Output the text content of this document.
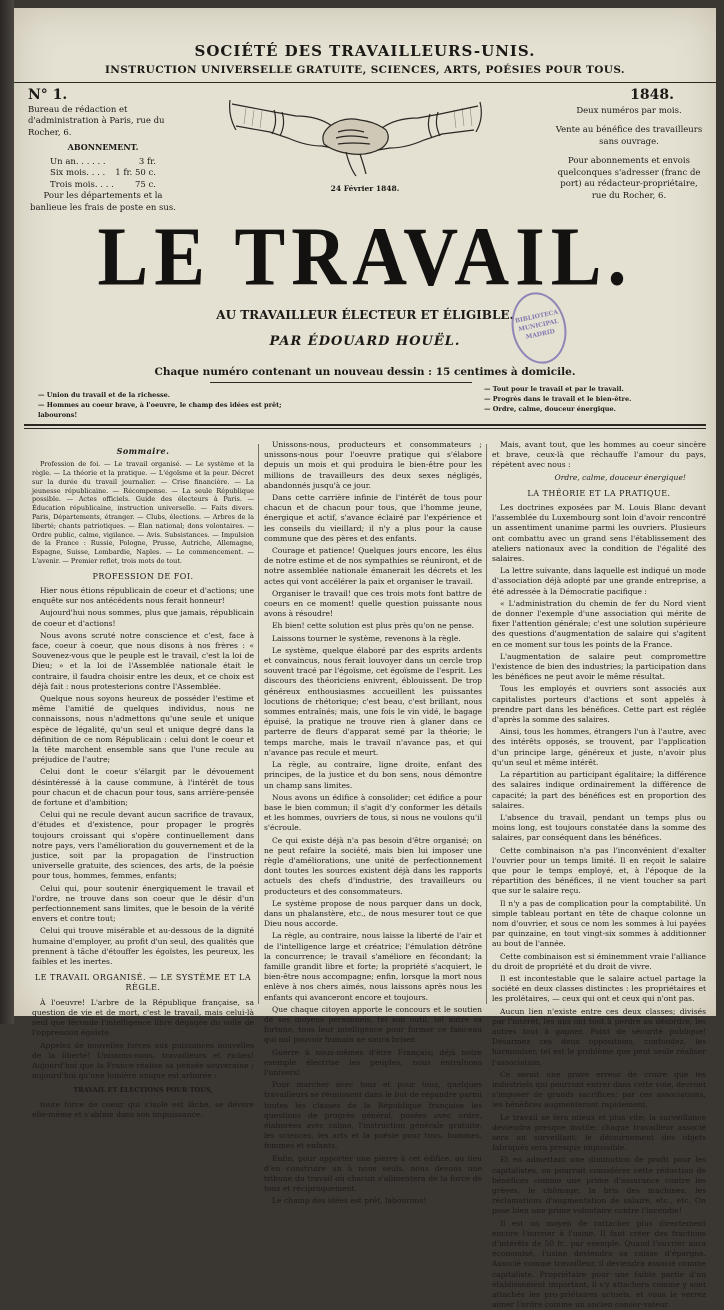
SOCIÉTÉ DES TRAVAILLEURS-UNIS.
INSTRUCTION UNIVERSELLE GRATUITE, SCIENCES, ARTS, POÉSIES POUR TOUS.
N° 1.
Bureau de rédaction et d'administration à Paris, rue du Rocher, 6.
ABONNEMENT.
Un an. . . . . .	3 fr.
Six mois. . . . 1 fr. 50 c.
Trois mois. . . . 75 c.
Pour les départements et la banlieue les frais de poste en sus.
1848.
Deux numéros par mois.
Vente au bénéfice des travailleurs sans ouvrage.
Pour abonnements et envois quelconques s'adresser (franc de port) au rédacteur-propriétaire, rue du Rocher, 6.
24 Février 1848.
LE TRAVAIL.
AU TRAVAILLEUR ÉLECTEUR ET ÉLIGIBLE.
PAR ÉDOUARD HOUËL.
Chaque numéro contenant un nouveau dessin : 15 centimes à domicile.
BIBLIOTECA MUNICIPAL MADRID
— Union du travail et de la richesse.
— Hommes au coeur brave, à l'oeuvre, le champ des idées est prêt; labourons!
— Tout pour le travail et par le travail.
— Progrès dans le travail et le bien-être.
— Ordre, calme, douceur énergique.
Sommaire.

Profession de foi. — Le travail organisé. — Le système et la règle. — La théorie et la pratique. — L'égoïsme et la peur. Décret sur la durée du travail journalier. — Crise financière. — La jeunesse républicaine. — Récompense. — La seule République possible. — Actes officiels. Guide des électeurs à Paris. — Éducation républicaine, instruction universelle. — Faits divers. Paris, Départements, étranger. — Clubs, élections. — Arbres de la liberté; chants patriotiques. — Élan national; dons volontaires. — Ordre public, calme, vigilance. — Avis. Subsistances. — Impulsion de la France : Russie, Pologne, Prusse, Autriche, Allemagne, Espagne, Suisse, Lombardie, Naples. — Le commencement. — L'avenir. — Premier reflet, trois mots de tout.

PROFESSION DE FOI.

Hier nous étions républicain de coeur et d'actions; une enquête sur nos antécédents nous ferait honneur!

Aujourd'hui nous sommes, plus que jamais, républicain de coeur et d'actions!

Nous avons scruté notre conscience et c'est, face à face, coeur à coeur, que nous disons à nos frères : « Souvenez-vous que le peuple est le travail, c'est la loi de Dieu; » et la loi de l'Assemblée nationale était le contraire, il faudra choisir entre les deux, et ce choix est déjà fait : nous protesterions contre l'Assemblée.

Quelque nous soyons heureux de posséder l'estime et même l'amitié de quelques individus, nous ne connaissons, nous n'admettons qu'une seule et unique espèce de légalité, qu'un seul et unique degré dans la définition de ce nom Républicain : celui dont le coeur et la tête marchent ensemble sans que l'une recule au préjudice de l'autre;

Celui dont le coeur s'élargit par le dévouement désintéressé à la cause commune, à l'intérêt de tous pour chacun et de chacun pour tous, sans arrière-pensée de fortune et d'ambition;

Celui qui ne recule devant aucun sacrifice de travaux, d'études et d'existence, pour propager le progrès toujours croissant qui s'opère continuellement dans notre pays, vers l'amélioration du gouvernement et de la justice, soit par la propagation de l'instruction universelle gratuite, des sciences, des arts, de la poésie pour tous, hommes, femmes, enfants;

Celui qui, pour soutenir énergiquement le travail et l'ordre, ne trouve dans son coeur que le désir d'un perfectionnement sans limites, que le besoin de la vérité envers et contre tout;

Celui qui trouve misérable et au-dessous de la dignité humaine d'employer, au profit d'un seul, des qualités que prennent à tâche d'étouffer les égoïstes, les peureux, les faibles et les inertes.

LE TRAVAIL ORGANISÉ. — LE SYSTÈME ET LA RÈGLE.

À l'oeuvre! L'arbre de la République française, sa question de vie et de mort, c'est le travail, mais celui-là seul que féconde l'intelligence libre dégagée du voile de l'oppression égoïste.

Appelez de nouvelles forces aux puissances nouvelles de la liberté! Unissons-nous, travailleurs et riches! Aujourd'hui que la France réalise sa pensée souveraine ; aujourd'hui qu'une lumière unique est arborée :

TRAVAIL ET ÉLECTIONS POUR TOUS,

toute force de coeur qui s'isole est lâche, se dévore elle-même et s'abîme dans son impuissance.

Unissons-nous, producteurs et consommateurs ; unissons-nous pour l'oeuvre pratique qui s'élabore depuis un mois et qui produira le bien-être pour les millions de travailleurs des deux sexes négligés, abandonnés jusqu'à ce jour.

Dans cette carrière infinie de l'intérêt de tous pour chacun et de chacun pour tous, que l'homme jeune, énergique et actif, s'avance éclairé par l'expérience et les conseils du vieillard; il n'y a plus pour la cause commune que des pères et des enfants.

Courage et patience! Quelques jours encore, les élus de notre estime et de nos sympathies se réuniront, et de notre assemblée nationale émanerait les décrets et les actes qui vont accélérer la paix et organiser le travail.

Organiser le travail! que ces trois mots font battre de coeurs en ce moment! quelle question puissante nous avons à résoudre!

Eh bien! cette solution est plus près qu'on ne pense.

Laissons tourner le système, revenons à la règle.

Le système, quelque élaboré par des esprits ardents et convaincus, nous ferait louvoyer dans un cercle trop souvent tracé par l'égoïsme, cet égoïsme de l'esprit. Les discours des théoriciens enivrent, éblouissent. De trop généreux enthousiasmes accueillent les puissantes locutions de rhétorique; c'est beau, c'est brillant, nous sommes entraînés; mais, une fois le vin vidé, le bagage épuisé, la pratique ne trouve rien à glaner dans ce parterre de fleurs d'apparat semé par la théorie; le temps marche, mais le travail n'avance pas, et qui n'avance pas recule et meurt.

La règle, au contraire, ligne droite, enfant des principes, de la justice et du bon sens, nous démontre un champ sans limites.

Nous avons un édifice à consolider; cet édifice a pour base le bien commun; il s'agit d'y conformer les détails et les hommes, ouvriers de tous, si nous ne voulons qu'il s'écroule.

Ce qui existe déjà n'a pas besoin d'être organisé; on ne peut refaire la société, mais bien lui imposer une règle d'améliorations, une unité de perfectionnement dont toutes les sources existent déjà dans les rapports actuels des chefs d'industrie, des travailleurs ou producteurs et des consommateurs.

Le système propose de nous parquer dans un dock, dans un phalanstère, etc., de nous mesurer tout ce que Dieu nous accorde.

La règle, au contraire, nous laisse la liberté de l'air et de l'intelligence large et créatrice; l'émulation détrône la concurrence; le travail s'améliore en fécondant; la famille grandit libre et forte; la propriété s'acquiert, le bien-être nous accompagne; enfin, lorsque la mort nous enlève à nos chers aimés, nous laissons après nous les enfants qui avanceront encore et toujours.

Que chaque citoyen apporte le concours et le soutien de ses moyens personnels, tel son outil, tel autre sa fortune, tous leur intelligence pour former ce faisceau qui nul pouvoir humain ne saura briser.

Guerre à nous-mêmes d'être Français; déjà notre exemple électrise les peuples, nous entraînons l'univers!

Pour marcher avec tous et pour tous, quelques travailleurs se réunissent dans le but de répandre parmi toutes les classes de la République française les questions de progrès général, posées avec ordre, élaborées avec calme, l'instruction générale gratuite, les sciences, les arts et la poésie pour tous, hommes, femmes et enfants.

Enfin, pour apporter une pierre à cet édifice, au lieu d'en construire un à nous seuls, nous devons une tribune du travail où chacun s'alimentera de la force de tous et réciproquement.

Le champ des idées est prêt, labourons!

Mais, avant tout, que les hommes au coeur sincère et brave, ceux-là que réchauffe l'amour du pays, répètent avec nous :

Ordre, calme, douceur énergique!

LA THÉORIE ET LA PRATIQUE.

Les doctrines exposées par M. Louis Blanc devant l'assemblée du Luxembourg sont loin d'avoir rencontré un assentiment unanime parmi les ouvriers. Plusieurs ont combattu avec un grand sens l'établissement des ateliers nationaux avec la condition de l'égalité des salaires.

La lettre suivante, dans laquelle est indiqué un mode d'association déjà adopté par une grande entreprise, a été adressée à la Démocratie pacifique :

« L'administration du chemin de fer du Nord vient de donner l'exemple d'une association qui mérite de fixer l'attention générale; c'est une solution supérieure des questions d'augmentation de salaire qui s'agitent en ce moment sur tous les points de la France.

L'augmentation de salaire peut compromettre l'existence de bien des industries; la participation dans les bénéfices ne peut avoir le même résultat.

Tous les employés et ouvriers sont associés aux capitalistes porteurs d'actions et sont appelés à prendre part dans les bénéfices. Cette part est réglée d'après la somme des salaires.

Ainsi, tous les hommes, étrangers l'un à l'autre, avec des intérêts opposés, se trouvent, par l'application d'un principe large, généreux et juste, n'avoir plus qu'un seul et même intérêt.

La répartition au participant égalitaire; la différence des salaires indique ordinairement la différence de capacité; la part des bénéfices est en proportion des salaires.

L'absence du travail, pendant un temps plus ou moins long, est toujours constatée dans la somme des salaires, par conséquent dans les bénéfices.

Cette combinaison n'a pas l'inconvénient d'exalter l'ouvrier pour un temps limité. Il en reçoit le salaire que pour le temps employé, et, à l'époque de la répartition des bénéfices, il ne vient toucher sa part que sur le salaire reçu.

Il n'y a pas de complication pour la comptabilité. Un simple tableau portant en tête de chaque colonne un nom d'ouvrier, et sous ce nom les sommes à lui payées par quinzaine, en tout vingt-six sommes à additionner au bout de l'année.

Cette combinaison est si éminemment vraie l'alliance du droit de propriété et du droit de vivre.

Il est incontestable que le salaire actuel partage la société en deux classes distinctes : les propriétaires et les prolétaires, — ceux qui ont et ceux qui n'ont pas.

Aucun lien n'existe entre ces deux classes; divisés par l'intérêt, les uns ont tout à perdre au désordre, les autres tout à gagner. Point de sécurité publique! Désarmez ces deux oppositions, confondez, les harmoniser, tel est le problème que peut seule réaliser l'association.

Ce serait une grave erreur de croire que les industriels qui pourront entrer dans cette voie, devront s'imposer de grands sacrifices; par ces associations, les bénéfices augmenteront rapidement.

Le travail se fera mieux et plus vite; la surveillance deviendra presque inutile; chaque travailleur associé sera un surveillant; le détournement des objets fabriqués sera presque impossible.

Et en admettant une diminution de profit pour les capitalistes, on pourrait considérer cette réduction de bénéfices comme une prime d'assurance contre les grèves, le chômage, la bris des machines, les réclamations d'augmentation de salaire, etc., etc. On pose bien une prime volontaire contre l'incendie!

Il est un moyen de rattacher plus directement encore l'ouvrier à l'usine. Il faut créer des fractions d'intérêts de 50 fr., par exemple. Quand l'ouvrier aura économisé, l'usine deviendra sa caisse d'épargne. Associé comme travailleur, il deviendra associé comme capitaliste. Propriétaire pour une faible partie d'un établissement important, il s'y attachera comme y sont attachés les pro-priétaires actuels, et vous le verrez aimer l'ordre comme un ancien conser-vateur.
